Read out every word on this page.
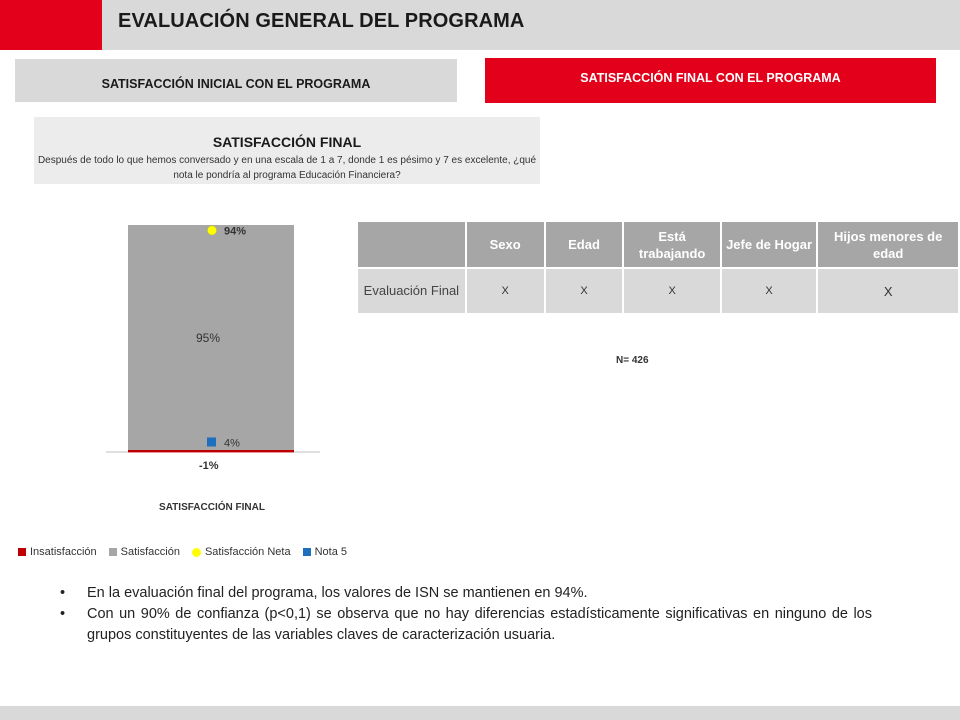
EVALUACIÓN GENERAL DEL PROGRAMA
SATISFACCIÓN INICIAL CON EL PROGRAMA	SATISFACCIÓN FINAL CON EL PROGRAMA
SATISFACCIÓN FINAL
Después de todo lo que hemos conversado y en una escala de 1 a 7, donde 1 es pésimo y 7 es excelente, ¿qué nota le pondría al programa Educación Financiera?
95%
-1%
94%
4%
SATISFACCIÓN FINAL
Insatisfacción Satisfacción Satisfacción Neta Nota 5
	Sexo	Edad	Está trabajando	Jefe de Hogar	Hijos menores de edad
Evaluación Final	X	X	X	X	X
N= 426
• En la evaluación final del programa, los valores de ISN se mantienen en 94%.
• Con un 90% de confianza (p<0,1) se observa que no hay diferencias estadísticamente significativas en ninguno de los grupos constituyentes de las variables claves de caracterización usuaria.
